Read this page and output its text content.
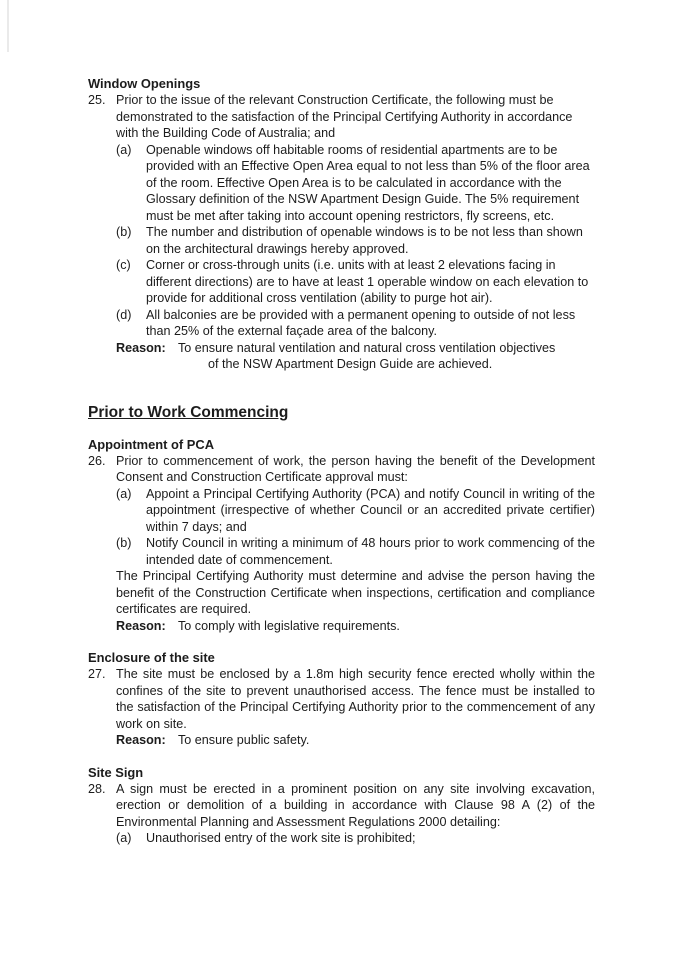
Window Openings
25. Prior to the issue of the relevant Construction Certificate, the following must be demonstrated to the satisfaction of the Principal Certifying Authority in accordance with the Building Code of Australia; and

(a)	Openable windows off habitable rooms of residential apartments are to be provided with an Effective Open Area equal to not less than 5% of the floor area of the room. Effective Open Area is to be calculated in accordance with the Glossary definition of the NSW Apartment Design Guide. The 5% requirement must be met after taking into account opening restrictors, fly screens, etc.

(b)	The number and distribution of openable windows is to be not less than shown on the architectural drawings hereby approved.

(c)	Corner or cross-through units (i.e. units with at least 2 elevations facing in different directions) are to have at least 1 operable window on each elevation to provide for additional cross ventilation (ability to purge hot air).

(d)	All balconies are be provided with a permanent opening to outside of not less than 25% of the external façade area of the balcony.

Reason: To ensure natural ventilation and natural cross ventilation objectives

of the NSW Apartment Design Guide are achieved.

Prior to Work Commencing
Appointment of PCA
26. Prior to commencement of work, the person having the benefit of the Development Consent and Construction Certificate approval must:

(a)	Appoint a Principal Certifying Authority (PCA) and notify Council in writing of the appointment (irrespective of whether Council or an accredited private certifier) within 7 days; and

(b)	Notify Council in writing a minimum of 48 hours prior to work commencing of the intended date of commencement.

The Principal Certifying Authority must determine and advise the person having the benefit of the Construction Certificate when inspections, certification and compliance certificates are required.

Reason: To comply with legislative requirements.

Enclosure of the site
27. The site must be enclosed by a 1.8m high security fence erected wholly within the confines of the site to prevent unauthorised access. The fence must be installed to the satisfaction of the Principal Certifying Authority prior to the commencement of any work on site.

Reason: To ensure public safety.

Site Sign
28. A sign must be erected in a prominent position on any site involving excavation, erection or demolition of a building in accordance with Clause 98 A (2) of the Environmental Planning and Assessment Regulations 2000 detailing:

(a)	Unauthorised entry of the work site is prohibited;
